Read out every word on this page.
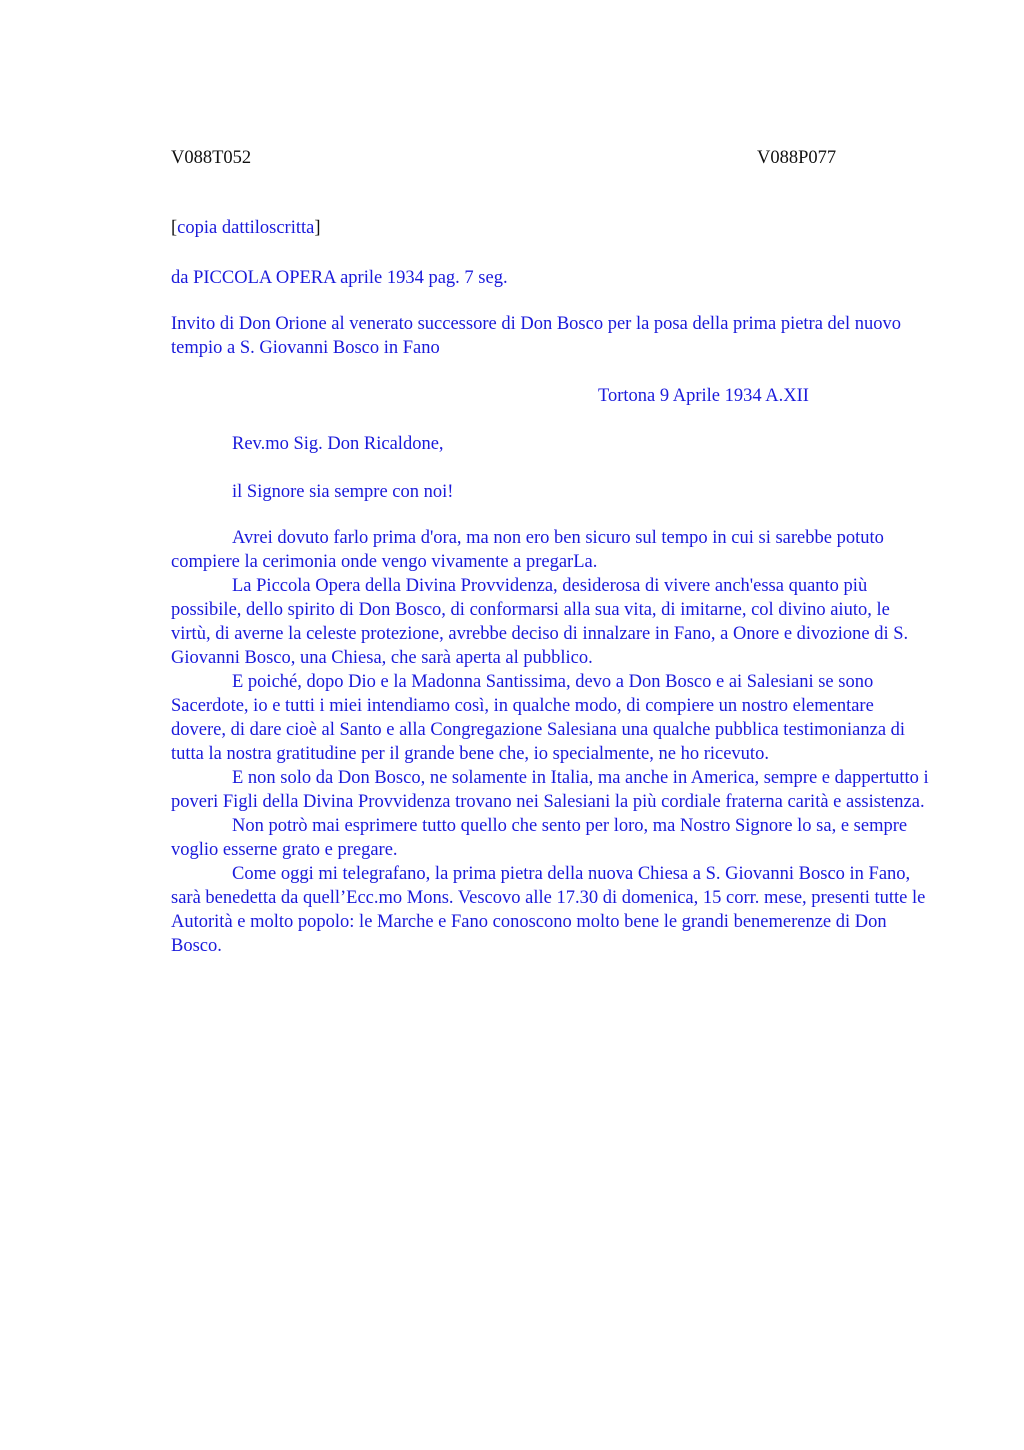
V088T052	V088P077
[copia dattiloscritta]
da PICCOLA OPERA aprile 1934 pag. 7 seg.
Invito di Don Orione al venerato successore di Don Bosco per la posa della prima pietra del nuovo tempio a S. Giovanni Bosco in Fano
Tortona 9 Aprile 1934 A.XII
Rev.mo Sig. Don Ricaldone,
il Signore sia sempre con noi!

Avrei dovuto farlo prima d'ora, ma non ero ben sicuro sul tempo in cui si sarebbe potuto compiere la cerimonia onde vengo vivamente a pregarLa.

La Piccola Opera della Divina Provvidenza, desiderosa di vivere anch'essa quanto più possibile, dello spirito di Don Bosco, di conformarsi alla sua vita, di imitarne, col divino aiuto, le virtù, di averne la celeste protezione, avrebbe deciso di innalzare in Fano, a Onore e divozione di S. Giovanni Bosco, una Chiesa, che sarà aperta al pubblico.

E poiché, dopo Dio e la Madonna Santissima, devo a Don Bosco e ai Salesiani se sono Sacerdote, io e tutti i miei intendiamo così, in qualche modo, di compiere un nostro elementare dovere, di dare cioè al Santo e alla Congregazione Salesiana una qualche pubblica testimonianza di tutta la nostra gratitudine per il grande bene che, io specialmente, ne ho ricevuto.

E non solo da Don Bosco, ne solamente in Italia, ma anche in America, sempre e dappertutto i poveri Figli della Divina Provvidenza trovano nei Salesiani la più cordiale fraterna carità e assistenza.

Non potrò mai esprimere tutto quello che sento per loro, ma Nostro Signore lo sa, e sempre voglio esserne grato e pregare.

Come oggi mi telegrafano, la prima pietra della nuova Chiesa a S. Giovanni Bosco in Fano, sarà benedetta da quell’Ecc.mo Mons. Vescovo alle 17.30 di domenica, 15 corr. mese, presenti tutte le Autorità e molto popolo: le Marche e Fano conoscono molto bene le grandi benemerenze di Don Bosco.
